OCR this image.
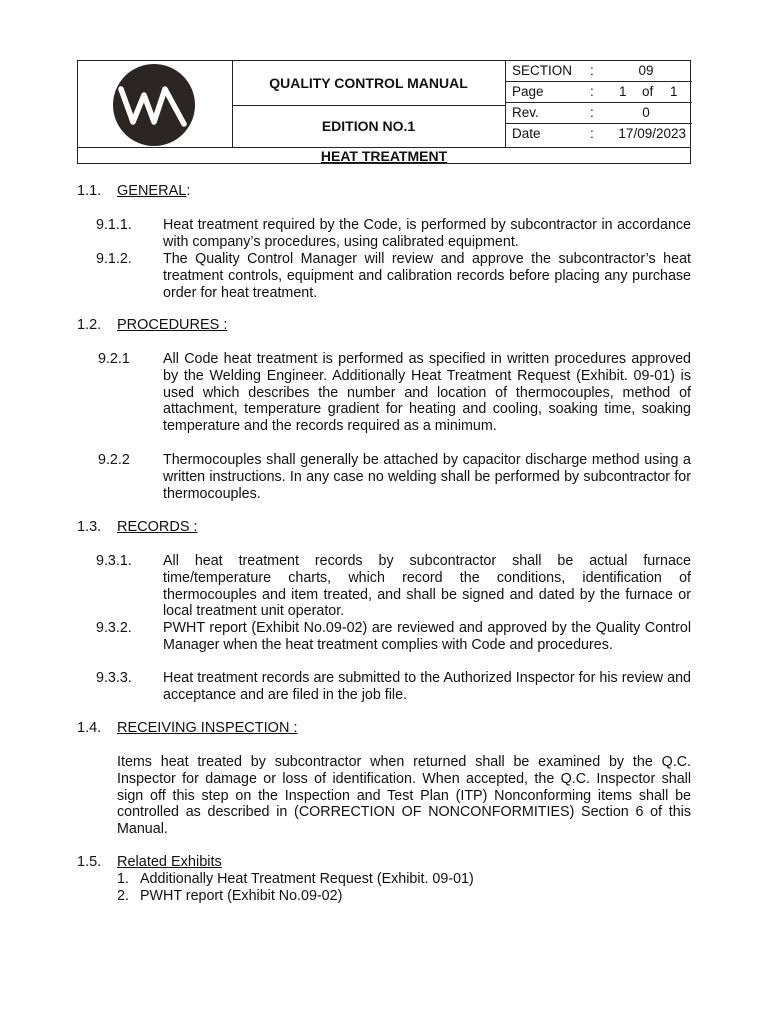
QUALITY CONTROL MANUAL
EDITION NO.1
SECTION :	09
Page	: 1 of 1
Rev.	:	0
Date	: 17/09/2023
HEAT TREATMENT
1.1. GENERAL:
9.1.1. Heat treatment required by the Code, is performed by subcontractor in accordance with company’s procedures, using calibrated equipment.
9.1.2. The Quality Control Manager will review and approve the subcontractor’s heat treatment controls, equipment and calibration records before placing any purchase order for heat treatment.
1.2. PROCEDURES :
9.2.1 All Code heat treatment is performed as specified in written procedures approved by the Welding Engineer. Additionally Heat Treatment Request (Exhibit. 09-01) is used which describes the number and location of thermocouples, method of attachment, temperature gradient for heating and cooling, soaking time, soaking temperature and the records required as a minimum.
9.2.2 Thermocouples shall generally be attached by capacitor discharge method using a written instructions. In any case no welding shall be performed by subcontractor for thermocouples.
1.3. RECORDS :
9.3.1. All heat treatment records by subcontractor shall be actual furnace time/temperature charts, which record the conditions, identification of thermocouples and item treated, and shall be signed and dated by the furnace or local treatment unit operator.
9.3.2. PWHT report (Exhibit No.09-02) are reviewed and approved by the Quality Control Manager when the heat treatment complies with Code and procedures.
9.3.3. Heat treatment records are submitted to the Authorized Inspector for his review and acceptance and are filed in the job file.
1.4. RECEIVING INSPECTION :
Items heat treated by subcontractor when returned shall be examined by the Q.C. Inspector for damage or loss of identification. When accepted, the Q.C. Inspector shall sign off this step on the Inspection and Test Plan (ITP) Nonconforming items shall be controlled as described in (CORRECTION OF NONCONFORMITIES) Section 6 of this Manual.
1.5. Related Exhibits
1. Additionally Heat Treatment Request (Exhibit. 09-01)
2. PWHT report (Exhibit No.09-02)
